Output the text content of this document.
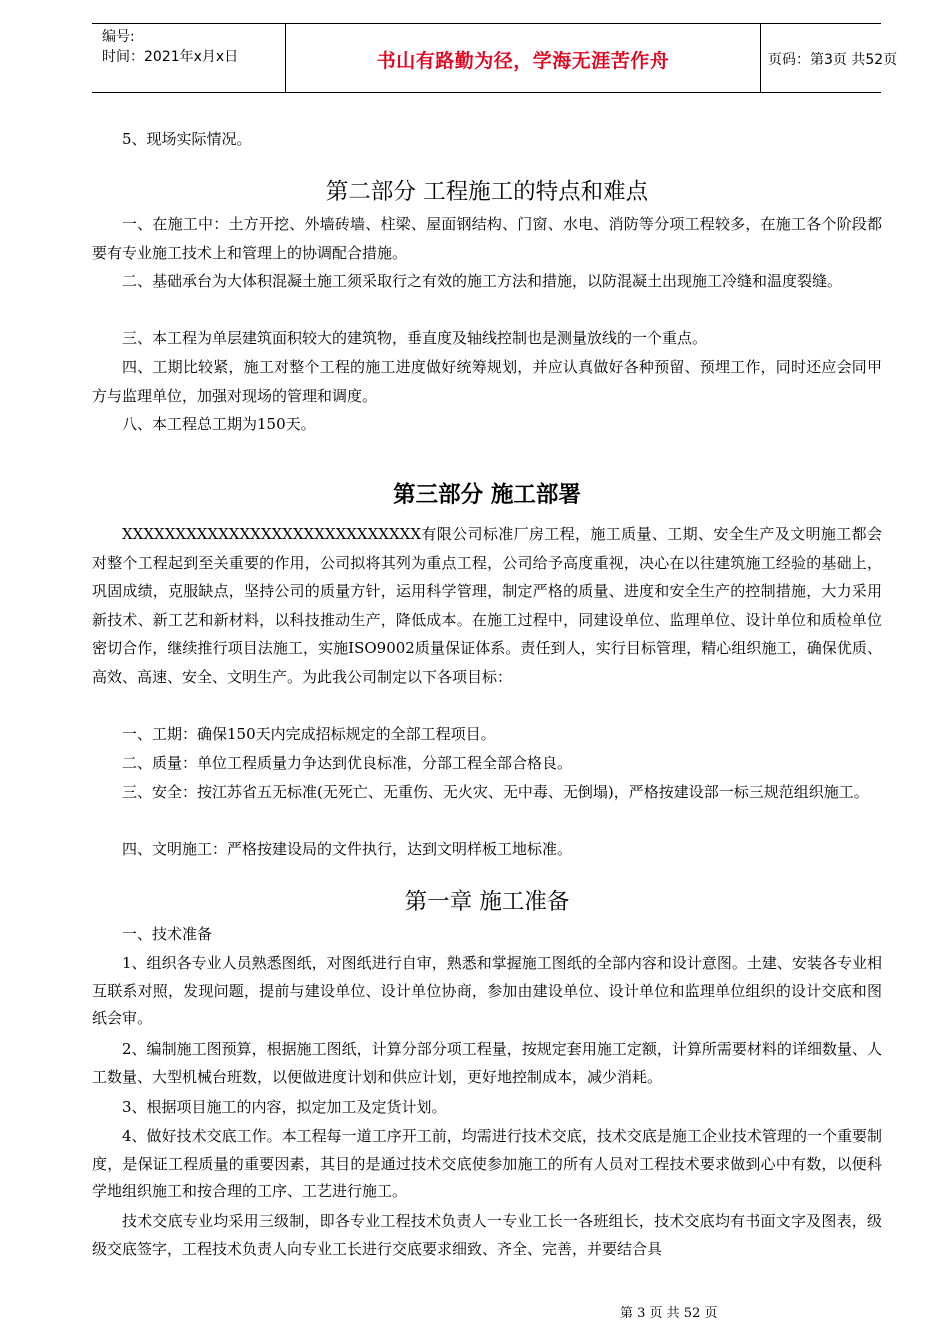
编号:
时间：2021年x月x日	书山有路勤为径，学海无涯苦作舟	页码：第3页 共52页
5、现场实际情况。
第二部分 工程施工的特点和难点
一、在施工中：土方开挖、外墙砖墙、柱梁、屋面钢结构、门窗、水电、消防等分项工程较多，在施工各个阶段都要有专业施工技术上和管理上的协调配合措施。
二、基础承台为大体积混凝土施工须采取行之有效的施工方法和措施，以防混凝土出现施工冷缝和温度裂缝。
三、本工程为单层建筑面积较大的建筑物，垂直度及轴线控制也是测量放线的一个重点。
四、工期比较紧，施工对整个工程的施工进度做好统筹规划，并应认真做好各种预留、预埋工作，同时还应会同甲方与监理单位，加强对现场的管理和调度。
八、本工程总工期为150天。
第三部分 施工部署
XXXXXXXXXXXXXXXXXXXXXXXXXXXX有限公司标准厂房工程，施工质量、工期、安全生产及文明施工都会对整个工程起到至关重要的作用，公司拟将其列为重点工程，公司给予高度重视，决心在以往建筑施工经验的基础上，巩固成绩，克服缺点，坚持公司的质量方针，运用科学管理，制定严格的质量、进度和安全生产的控制措施，大力采用新技术、新工艺和新材料，以科技推动生产，降低成本。在施工过程中，同建设单位、监理单位、设计单位和质检单位密切合作，继续推行项目法施工，实施ISO9002质量保证体系。责任到人，实行目标管理，精心组织施工，确保优质、高效、高速、安全、文明生产。为此我公司制定以下各项目标：
一、工期：确保150天内完成招标规定的全部工程项目。
二、质量：单位工程质量力争达到优良标准，分部工程全部合格良。
三、安全：按江苏省五无标准(无死亡、无重伤、无火灾、无中毒、无倒塌)，严格按建设部一标三规范组织施工。
四、文明施工：严格按建设局的文件执行，达到文明样板工地标准。
第一章 施工准备
一、技术准备
1、组织各专业人员熟悉图纸，对图纸进行自审，熟悉和掌握施工图纸的全部内容和设计意图。土建、安装各专业相互联系对照，发现问题，提前与建设单位、设计单位协商，参加由建设单位、设计单位和监理单位组织的设计交底和图纸会审。
2、编制施工图预算，根据施工图纸，计算分部分项工程量，按规定套用施工定额，计算所需要材料的详细数量、人工数量、大型机械台班数，以便做进度计划和供应计划，更好地控制成本，减少消耗。
3、根据项目施工的内容，拟定加工及定货计划。
4、做好技术交底工作。本工程每一道工序开工前，均需进行技术交底，技术交底是施工企业技术管理的一个重要制度，是保证工程质量的重要因素，其目的是通过技术交底使参加施工的所有人员对工程技术要求做到心中有数，以便科学地组织施工和按合理的工序、工艺进行施工。
技术交底专业均采用三级制，即各专业工程技术负责人一专业工长一各班组长，技术交底均有书面文字及图表，级级交底签字，工程技术负责人向专业工长进行交底要求细致、齐全、完善，并要结合具
第 3 页 共 52 页
